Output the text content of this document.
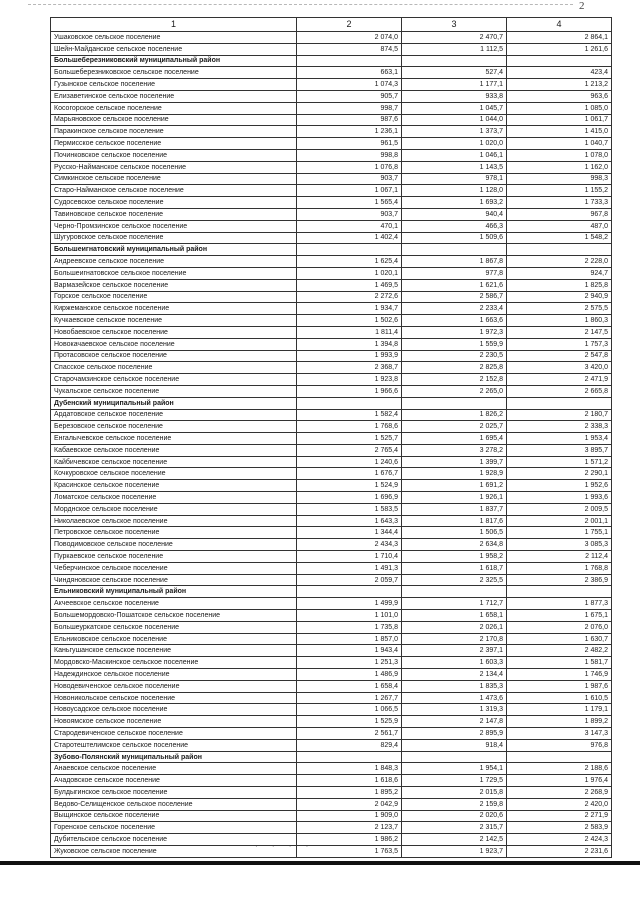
2
1	2	3	4
Ушаковское сельское поселение	2 074,0	2 470,7	2 864,1
Шейн-Майданское сельское поселение	874,5	1 112,5	1 261,6
Большеберезниковский муниципальный район			
Большеберезниковское сельское поселение	663,1	527,4	423,4
Гузынское сельское поселение	1 074,3	1 177,1	1 213,2
Елизаветинское сельское поселение	905,7	933,8	963,6
Косогорское сельское поселение	998,7	1 045,7	1 085,0
Марьяновское сельское поселение	987,6	1 044,0	1 061,7
Паракинское сельское поселение	1 236,1	1 373,7	1 415,0
Пермисское сельское поселение	961,5	1 020,0	1 040,7
Починковское сельское поселение	998,8	1 046,1	1 078,0
Русско-Найманское сельское поселение	1 076,8	1 143,5	1 162,0
Симкинское сельское поселение	903,7	978,1	998,3
Старо-Найманское сельское поселение	1 067,1	1 128,0	1 155,2
Судосевское сельское поселение	1 565,4	1 693,2	1 733,3
Тавиновское сельское поселение	903,7	940,4	967,8
Черно-Промзинское сельское поселение	470,1	466,3	487,0
Шугуровское сельское поселение	1 402,4	1 509,6	1 548,2
Большеигнатовский муниципальный район			
Андреевское сельское поселение	1 625,4	1 867,8	2 228,0
Большеигнатовское сельское поселение	1 020,1	977,8	924,7
Вармазейское сельское поселение	1 469,5	1 621,6	1 825,8
Горское сельское поселение	2 272,6	2 586,7	2 940,9
Киржеманское сельское поселение	1 934,7	2 233,4	2 575,5
Кучкаевское сельское поселение	1 502,6	1 663,6	1 860,3
Новобаевское сельское поселение	1 811,4	1 972,3	2 147,5
Новокачаевское сельское поселение	1 394,8	1 559,9	1 757,3
Протасовское сельское поселение	1 993,9	2 230,5	2 547,8
Спасское сельское поселение	2 368,7	2 825,8	3 420,0
Старочамзинское сельское поселение	1 923,8	2 152,8	2 471,9
Чукальское сельское поселение	1 966,6	2 265,0	2 665,8
Дубенский муниципальный район			
Ардатовское сельское поселение	1 582,4	1 826,2	2 180,7
Березовское сельское поселение	1 768,6	2 025,7	2 338,3
Енгалычевское сельское поселение	1 525,7	1 695,4	1 953,4
Кабаевское сельское поселение	2 765,4	3 278,2	3 895,7
Кайбичевское сельское поселение	1 240,6	1 399,7	1 571,2
Кочкуровское сельское поселение	1 676,7	1 928,9	2 290,1
Красинское сельское поселение	1 524,9	1 691,2	1 952,6
Ломатское сельское поселение	1 696,9	1 926,1	1 993,6
Морднское сельское поселение	1 583,5	1 837,7	2 009,5
Николаевское сельское поселение	1 643,3	1 817,6	2 001,1
Петровское сельское поселение	1 344,4	1 506,5	1 755,1
Поводимовское сельское поселение	2 434,3	2 634,8	3 085,3
Пуркаевское сельское поселение	1 710,4	1 958,2	2 112,4
Чеберчинское сельское поселение	1 491,3	1 618,7	1 768,8
Чиндяновское сельское поселение	2 059,7	2 325,5	2 386,9
Ельниковский муниципальный район			
Акчеевское сельское поселение	1 499,9	1 712,7	1 877,3
Большемордовско-Пошатское сельское поселение	1 101,0	1 658,1	1 675,1
Большеуркатское сельское поселение	1 735,8	2 026,1	2 076,0
Ельниковское сельское поселение	1 857,0	2 170,8	1 630,7
Каньгушанское сельское поселение	1 943,4	2 397,1	2 482,2
Мордовско-Маскинское сельское поселение	1 251,3	1 603,3	1 581,7
Надеждинское сельское поселение	1 486,9	2 134,4	1 746,9
Новодевиченское сельское поселение	1 658,4	1 835,3	1 987,6
Новоникольское сельское поселение	1 267,7	1 473,6	1 610,5
Новоусадское сельское поселение	1 066,5	1 319,3	1 179,1
Новоямское сельское поселение	1 525,9	2 147,8	1 899,2
Стародевиченское сельское поселение	2 561,7	2 895,9	3 147,3
Старотештелимское сельское поселение	829,4	918,4	976,8
Зубово-Полянский муниципальный район			
Анаевское сельское поселение	1 848,3	1 954,1	2 188,6
Ачадовское сельское поселение	1 618,6	1 729,5	1 976,4
Булдыгинское сельское поселение	1 895,2	2 015,8	2 268,9
Ведово-Селищенское сельское поселение	2 042,9	2 159,8	2 420,0
Выщинское сельское поселение	1 909,0	2 020,6	2 271,9
Горенское сельское поселение	2 123,7	2 315,7	2 583,9
Дубительское сельское поселение	1 986,2	2 142,5	2 424,3
Жуковское сельское поселение	1 763,5	1 923,7	2 231,6
· · · ·
